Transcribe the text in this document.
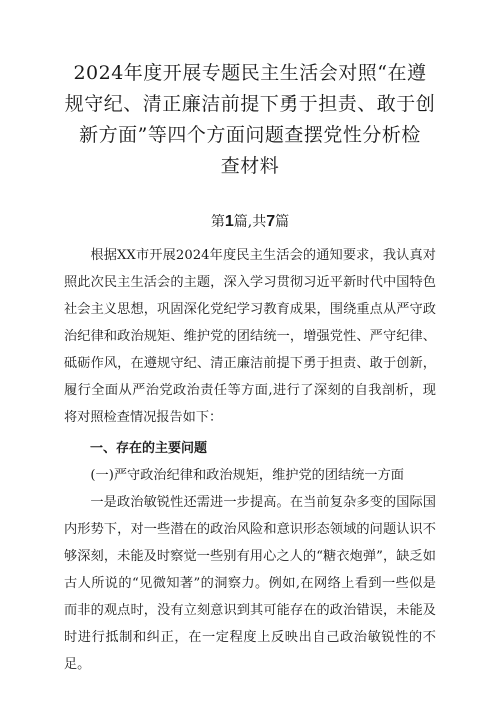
2024年度开展专题民主生活会对照“在遵
规守纪、清正廉洁前提下勇于担责、敢于创
新方面”等四个方面问题查摆党性分析检
查材料
第1篇,共7篇

根据XX市开展2024年度民主生活会的通知要求，我认真对照此次民主生活会的主题，深入学习贯彻习近平新时代中国特色社会主义思想，巩固深化党纪学习教育成果，围绕重点从严守政治纪律和政治规矩、维护党的团结统一，增强党性、严守纪律、砥砺作风，在遵规守纪、清正廉洁前提下勇于担责、敢于创新，履行全面从严治党政治责任等方面,进行了深刻的自我剖析，现将对照检查情况报告如下：

一、存在的主要问题

(一)严守政治纪律和政治规矩，维护党的团结统一方面

一是政治敏锐性还需进一步提高。在当前复杂多变的国际国内形势下，对一些潜在的政治风险和意识形态领域的问题认识不够深刻，未能及时察觉一些别有用心之人的“糖衣炮弹”，缺乏如古人所说的“见微知著”的洞察力。例如,在网络上看到一些似是而非的观点时，没有立刻意识到其可能存在的政治错误，未能及时进行抵制和纠正，在一定程度上反映出自己政治敏锐性的不足。
